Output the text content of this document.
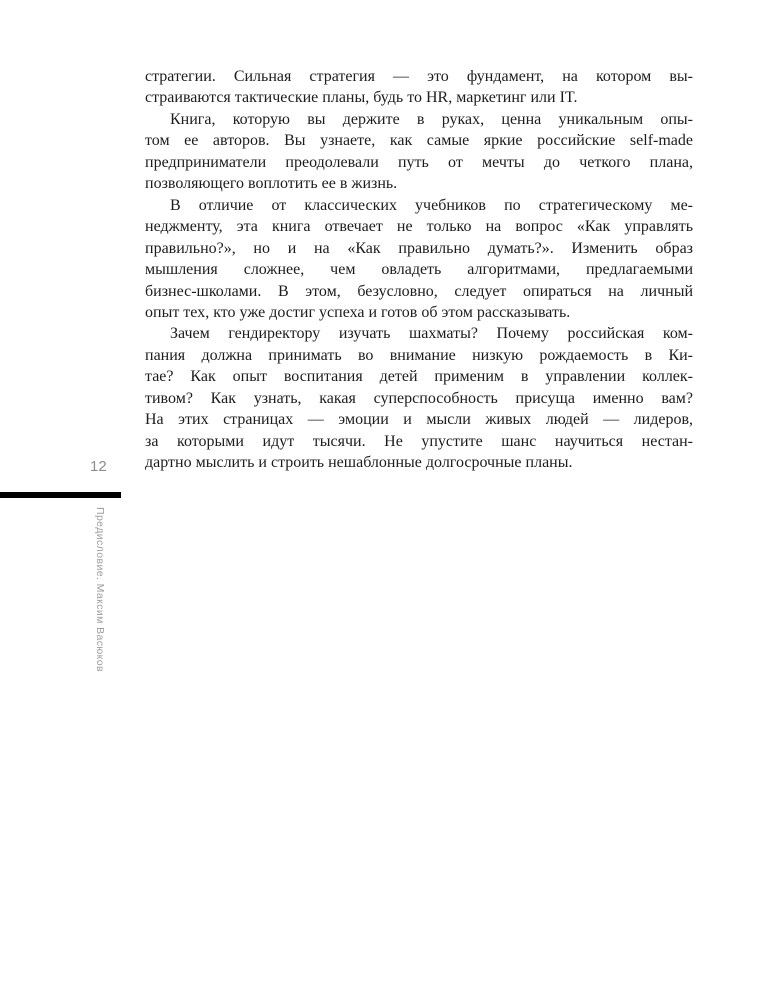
стратегии. Сильная стратегия — это фундамент, на котором вы-
страиваются тактические планы, будь то HR, маркетинг или IT.
Книга, которую вы держите в руках, ценна уникальным опы-
том ее авторов. Вы узнаете, как самые яркие российские self-made
предприниматели преодолевали путь от мечты до четкого плана,
позволяющего воплотить ее в жизнь.
В отличие от классических учебников по стратегическому ме-
неджменту, эта книга отвечает не только на вопрос «Как управлять
правильно?», но и на «Как правильно думать?». Изменить образ
мышления сложнее, чем овладеть алгоритмами, предлагаемыми
бизнес-школами. В этом, безусловно, следует опираться на личный
опыт тех, кто уже достиг успеха и готов об этом рассказывать.
Зачем гендиректору изучать шахматы? Почему российская ком-
пания должна принимать во внимание низкую рождаемость в Ки-
тае? Как опыт воспитания детей применим в управлении коллек-
тивом? Как узнать, какая суперспособность присуща именно вам?
На этих страницах — эмоции и мысли живых людей — лидеров,
за которыми идут тысячи. Не упустите шанс научиться нестан-
дартно мыслить и строить нешаблонные долгосрочные планы.
12
Предисловие. Максим Васюков
